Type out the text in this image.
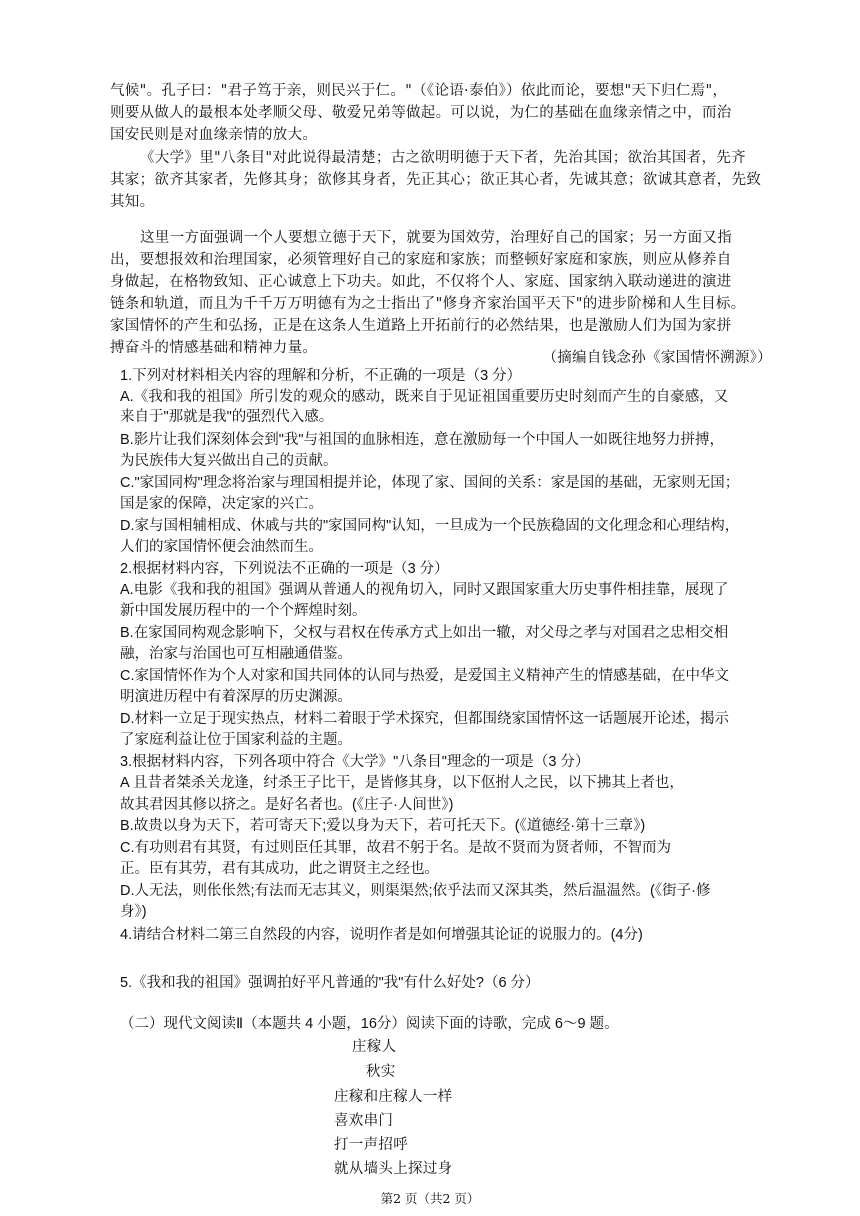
气候"。孔子曰："君子笃于亲，则民兴于仁。"（《论语·泰伯》）依此而论，要想"天下归仁焉"，
则要从做人的最根本处孝顺父母、敬爱兄弟等做起。可以说，为仁的基础在血缘亲情之中，而治
国安民则是对血缘亲情的放大。
《大学》里"八条目"对此说得最清楚；古之欲明明德于天下者，先治其国；欲治其国者，先齐
其家；欲齐其家者，先修其身；欲修其身者，先正其心；欲正其心者，先诚其意；欲诚其意者，先致
其知。
这里一方面强调一个人要想立德于天下，就要为国效劳，治理好自己的国家；另一方面又指
出，要想报效和治理国家，必须管理好自己的家庭和家族；而整顿好家庭和家族，则应从修养自
身做起，在格物致知、正心诚意上下功夫。如此，不仅将个人、家庭、国家纳入联动递进的演进
链条和轨道，而且为千千万万明德有为之士指出了"修身齐家治国平天下"的进步阶梯和人生目标。
家国情怀的产生和弘扬，正是在这条人生道路上开拓前行的必然结果，也是激励人们为国为家拼
搏奋斗的情感基础和精神力量。
（摘编自钱念孙《家国情怀溯源》）
1.下列对材料相关内容的理解和分析，不正确的一项是（3 分）
A.《我和我的祖国》所引发的观众的感动，既来自于见证祖国重要历史时刻而产生的自豪感，又
来自于"那就是我"的强烈代入感。
B.影片让我们深刻体会到"我"与祖国的血脉相连，意在激励每一个中国人一如既往地努力拼搏，
为民族伟大复兴做出自己的贡献。
C."家国同构"理念将治家与理国相提并论，体现了家、国间的关系：家是国的基础，无家则无国；
国是家的保障，决定家的兴亡。
D.家与国相辅相成、休戚与共的"家国同构"认知，一旦成为一个民族稳固的文化理念和心理结构，
人们的家国情怀便会油然而生。
2.根据材料内容，下列说法不正确的一项是（3 分）
A.电影《我和我的祖国》强调从普通人的视角切入，同时又跟国家重大历史事件相挂靠，展现了
新中国发展历程中的一个个辉煌时刻。
B.在家国同构观念影响下，父权与君权在传承方式上如出一辙，对父母之孝与对国君之忠相交相
融，治家与治国也可互相融通借鉴。
C.家国情怀作为个人对家和国共同体的认同与热爱，是爱国主义精神产生的情感基础，在中华文
明演进历程中有着深厚的历史渊源。
D.材料一立足于现实热点，材料二着眼于学术探究，但都围绕家国情怀这一话题展开论述，揭示
了家庭利益让位于国家利益的主题。
3.根据材料内容，下列各项中符合《大学》"八条目"理念的一项是（3 分）
A 且昔者桀杀关龙逢，纣杀王子比干，是皆修其身，以下伛拊人之民，以下拂其上者也，
故其君因其修以挤之。是好名者也。(《庄子·人间世》)
B.故贵以身为天下，若可寄天下;爱以身为天下，若可托天下。(《道德经·第十三章》)
C.有功则君有其贤，有过则臣任其罪，故君不躬于名。是故不贤而为贤者师，不智而为
正。臣有其劳，君有其成功，此之谓贤主之经也。
D.人无法，则伥伥然;有法而无志其义，则渠渠然;依乎法而又深其类，然后温温然。(《街子·修
身》)
4.请结合材料二第三自然段的内容，说明作者是如何增强其论证的说服力的。(4分)
5.《我和我的祖国》强调拍好平凡普通的"我"有什么好处?（6 分）
（二）现代文阅读Ⅱ（本题共 4 小题，16分）阅读下面的诗歌，完成 6～9 题。
庄稼人
秋实
庄稼和庄稼人一样
喜欢串门
打一声招呼
就从墙头上探过身
第2 页（共2 页）
